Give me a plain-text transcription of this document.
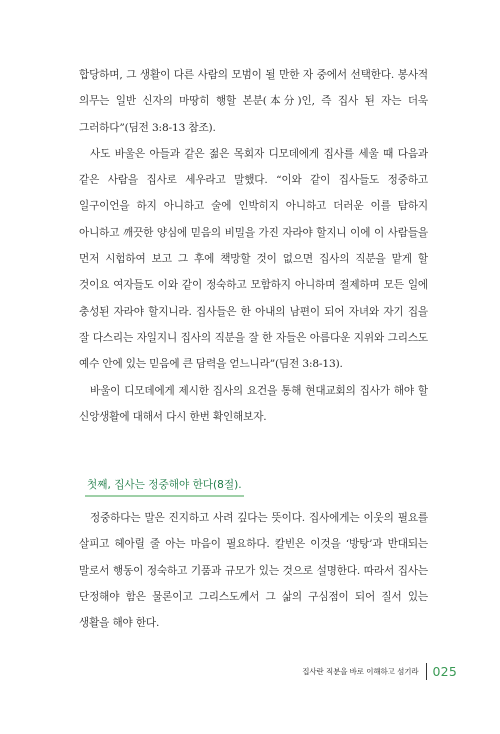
합당하며, 그 생활이 다른 사람의 모범이 될 만한 자 중에서 선택한다. 봉사적 의무는 일반 신자의 마땅히 행할 본분(本分)인, 즉 집사 된 자는 더욱 그러하다”(딤전 3:8-13 참조).

사도 바울은 아들과 같은 젊은 목회자 디모데에게 집사를 세울 때 다음과 같은 사람을 집사로 세우라고 말했다. “이와 같이 집사들도 정중하고 일구이언을 하지 아니하고 술에 인박히지 아니하고 더러운 이를 탐하지 아니하고 깨끗한 양심에 믿음의 비밀을 가진 자라야 할지니 이에 이 사람들을 먼저 시험하여 보고 그 후에 책망할 것이 없으면 집사의 직분을 맡게 할 것이요 여자들도 이와 같이 정숙하고 모함하지 아니하며 절제하며 모든 일에 충성된 자라야 할지니라. 집사들은 한 아내의 남편이 되어 자녀와 자기 집을 잘 다스리는 자일지니 집사의 직분을 잘 한 자들은 아름다운 지위와 그리스도 예수 안에 있는 믿음에 큰 담력을 얻느니라”(딤전 3:8-13).

바울이 디모데에게 제시한 집사의 요건을 통해 현대교회의 집사가 해야 할 신앙생활에 대해서 다시 한번 확인해보자.

첫째, 집사는 정중해야 한다(8절).

정중하다는 말은 진지하고 사려 깊다는 뜻이다. 집사에게는 이웃의 필요를 살피고 헤아릴 줄 아는 마음이 필요하다. 칼빈은 이것을 ‘방탕’과 반대되는 말로서 행동이 정숙하고 기품과 규모가 있는 것으로 설명한다. 따라서 집사는 단정해야 함은 물론이고 그리스도께서 그 삶의 구심점이 되어 질서 있는 생활을 해야 한다.

집사란 직분을 바로 이해하고 섬기라 025
